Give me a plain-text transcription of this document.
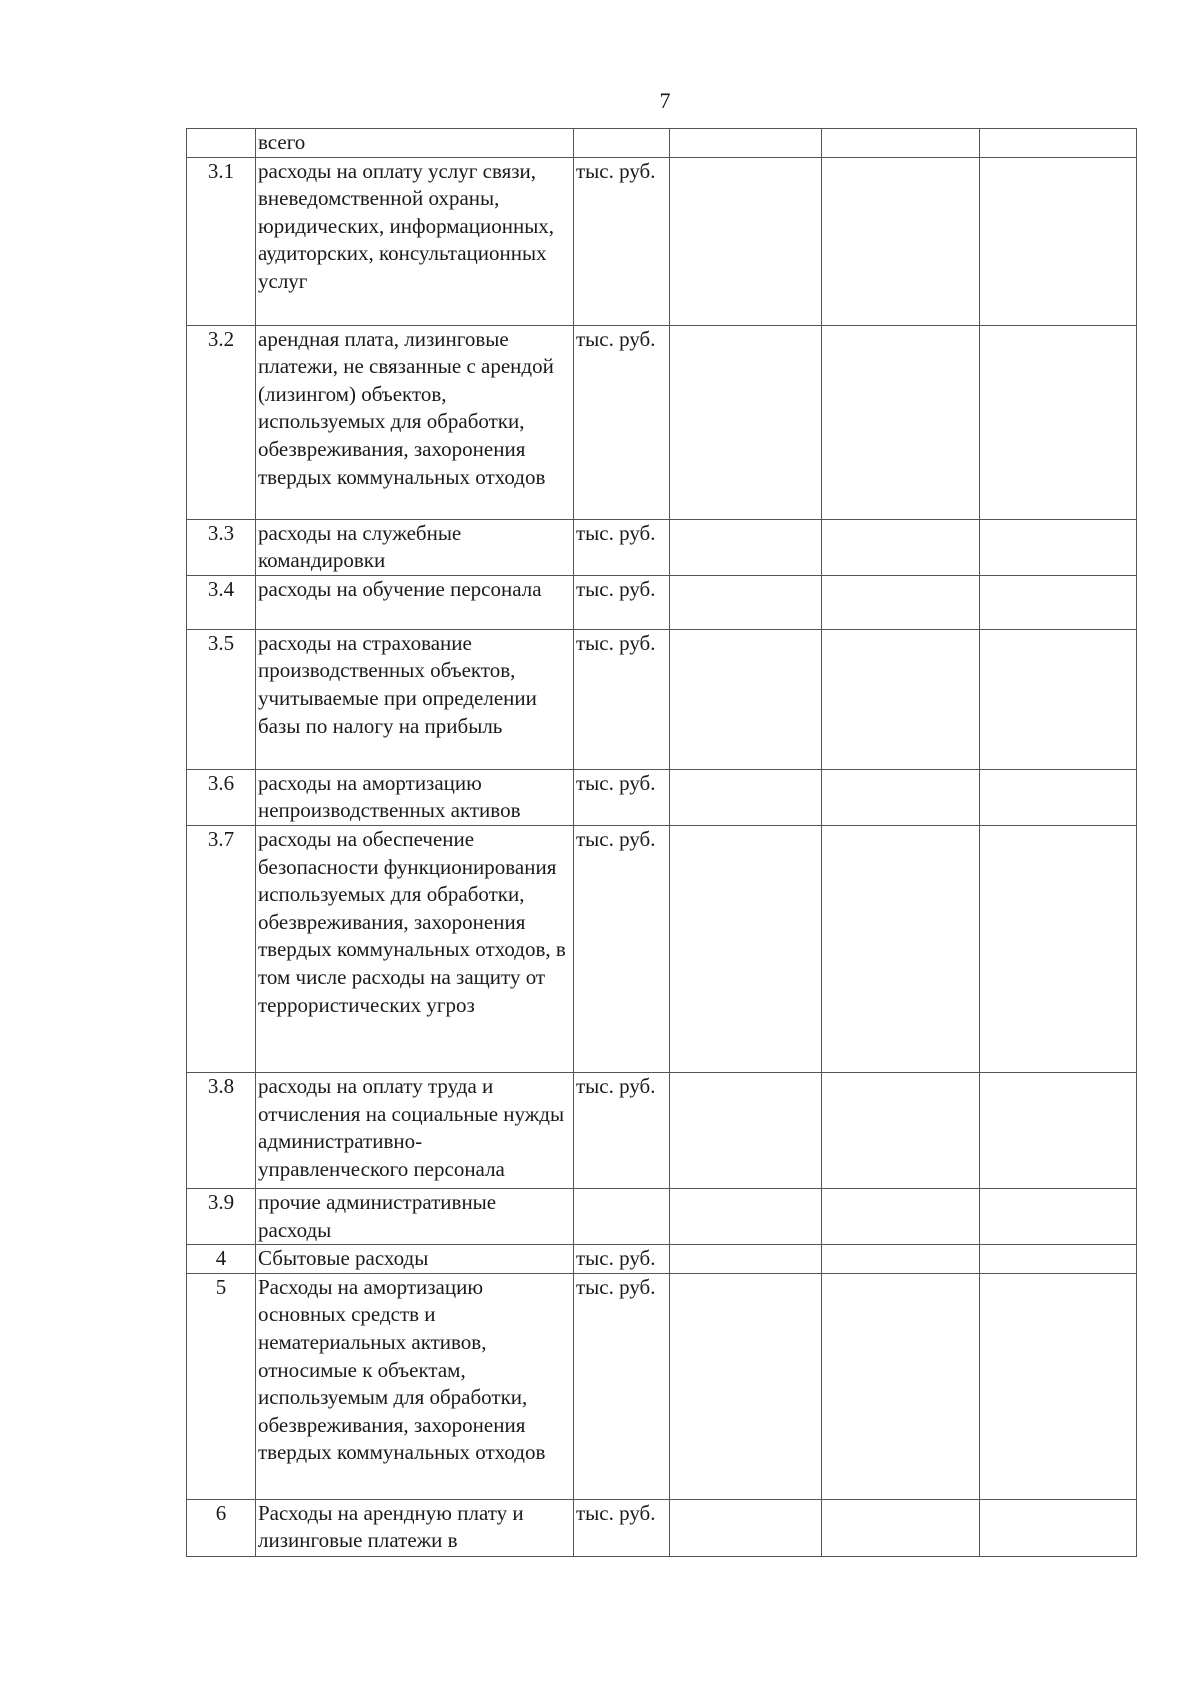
7
	всего				
3.1	расходы на оплату услуг связи, вневедомственной охраны, юридических, информационных, аудиторских, консультационных услуг	тыс. руб.			
3.2	арендная плата, лизинговые платежи, не связанные с арендой (лизингом) объектов, используемых для обработки, обезвреживания, захоронения твердых коммунальных отходов	тыс. руб.			
3.3	расходы на служебные командировки	тыс. руб.			
3.4	расходы на обучение персонала	тыс. руб.			
3.5	расходы на страхование производственных объектов, учитываемые при определении базы по налогу на прибыль	тыс. руб.			
3.6	расходы на амортизацию непроизводственных активов	тыс. руб.			
3.7	расходы на обеспечение безопасности функционирования используемых для обработки, обезвреживания, захоронения твердых коммунальных отходов, в том числе расходы на защиту от террористических угроз	тыс. руб.			
3.8	расходы на оплату труда и отчисления на социальные нужды административно-управленческого персонала	тыс. руб.			
3.9	прочие административные расходы				
4	Сбытовые расходы	тыс. руб.			
5	Расходы на амортизацию основных средств и нематериальных активов, относимые к объектам, используемым для обработки, обезвреживания, захоронения твердых коммунальных отходов	тыс. руб.			
6	Расходы на арендную плату и лизинговые платежи в	тыс. руб.			
